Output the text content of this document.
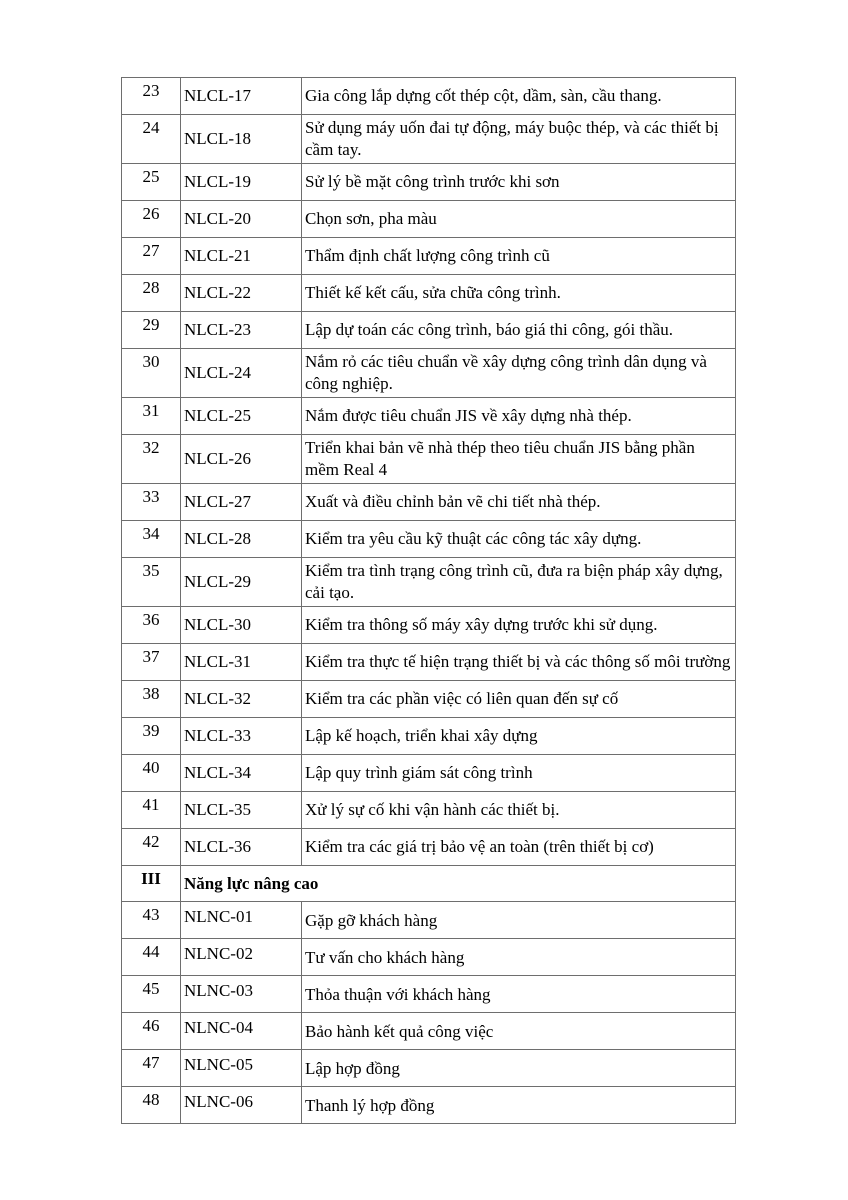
23	NLCL-17	Gia công lắp dựng cốt thép cột, dầm, sàn, cầu thang.
24	NLCL-18	Sử dụng máy uốn đai tự động, máy buộc thép, và các thiết bị cầm tay.
25	NLCL-19	Sử lý bề mặt công trình trước khi sơn
26	NLCL-20	Chọn sơn, pha màu
27	NLCL-21	Thẩm định chất lượng công trình cũ
28	NLCL-22	Thiết kế kết cấu, sửa chữa công trình.
29	NLCL-23	Lập dự toán các công trình, báo giá thi công, gói thầu.
30	NLCL-24	Nắm rỏ các tiêu chuẩn về xây dựng công trình dân dụng và công nghiệp.
31	NLCL-25	Nắm được tiêu chuẩn JIS về xây dựng nhà thép.
32	NLCL-26	Triển khai bản vẽ nhà thép theo tiêu chuẩn JIS bằng phần mềm Real 4
33	NLCL-27	Xuất và điều chỉnh bản vẽ chi tiết nhà thép.
34	NLCL-28	Kiểm tra yêu cầu kỹ thuật các công tác xây dựng.
35	NLCL-29	Kiểm tra tình trạng công trình cũ, đưa ra biện pháp xây dựng, cải tạo.
36	NLCL-30	Kiểm tra thông số máy xây dựng trước khi sử dụng.
37	NLCL-31	Kiểm tra thực tế hiện trạng thiết bị và các thông số môi trường
38	NLCL-32	Kiểm tra các phần việc có liên quan đến sự cố
39	NLCL-33	Lập kế hoạch, triển khai xây dựng
40	NLCL-34	Lập quy trình giám sát công trình
41	NLCL-35	Xử lý sự cố khi vận hành các thiết bị.
42	NLCL-36	Kiểm tra các giá trị bảo vệ an toàn (trên thiết bị cơ)
III	Năng lực nâng cao	
43	NLNC-01	Gặp gỡ khách hàng
44	NLNC-02	Tư vấn cho khách hàng
45	NLNC-03	Thỏa thuận với khách hàng
46	NLNC-04	Bảo hành kết quả công việc
47	NLNC-05	Lập hợp đồng
48	NLNC-06	Thanh lý hợp đồng
